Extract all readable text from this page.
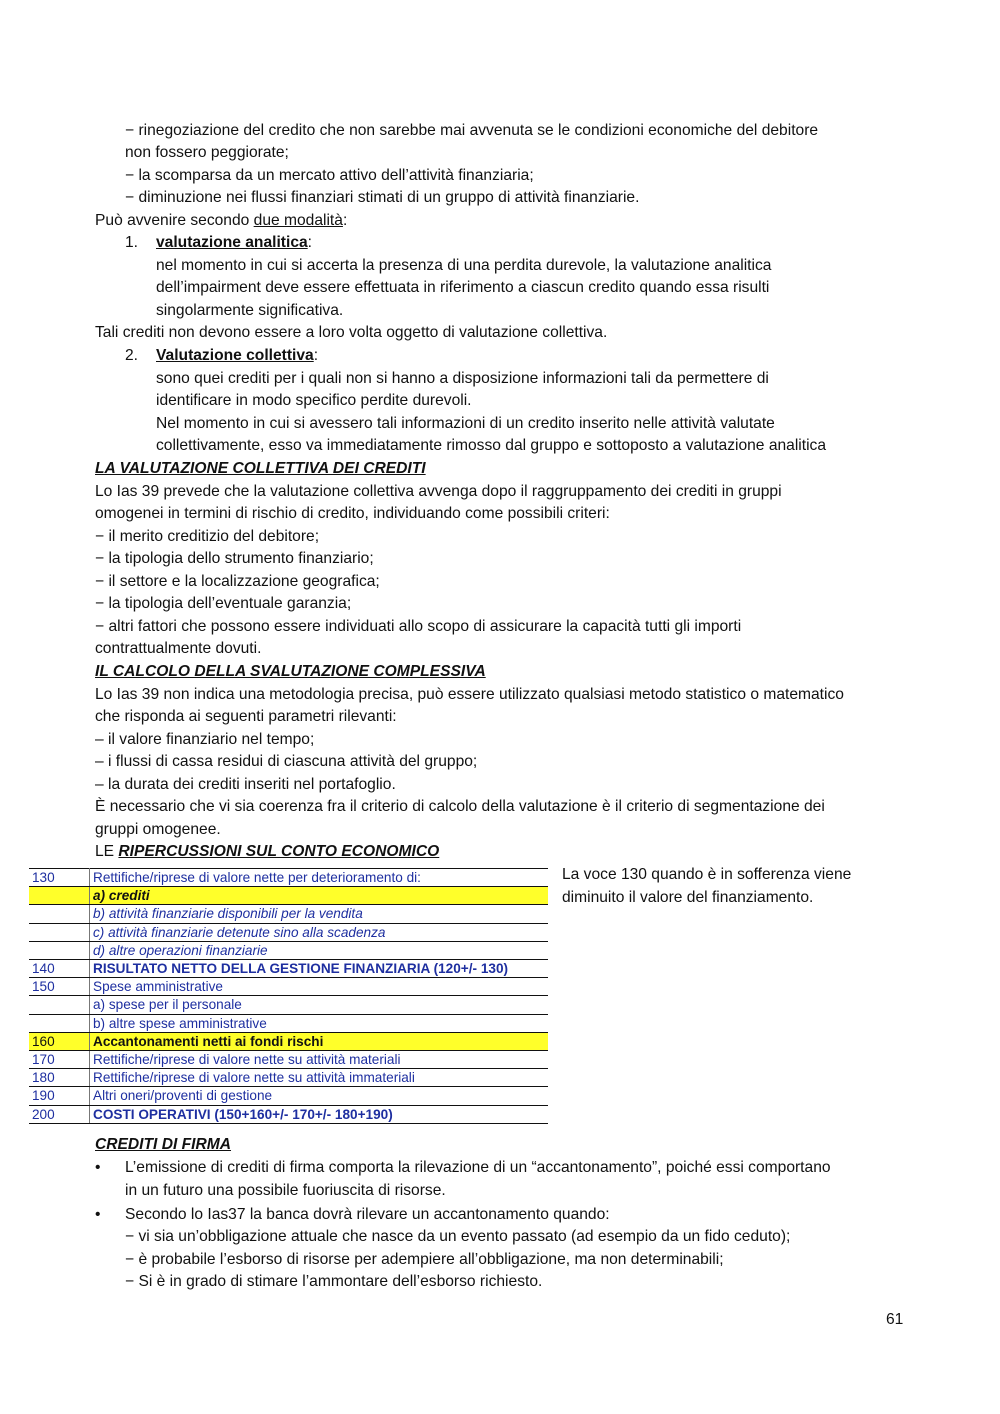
− rinegoziazione del credito che non sarebbe mai avvenuta se le condizioni economiche del debitore
non fossero peggiorate;
− la scomparsa da un mercato attivo dell’attività finanziaria;
− diminuzione nei flussi finanziari stimati di un gruppo di attività finanziarie.
Può avvenire secondo due modalità:
1. valutazione analitica:
nel momento in cui si accerta la presenza di una perdita durevole, la valutazione analitica
dell’impairment deve essere effettuata in riferimento a ciascun credito quando essa risulti
singolarmente significativa.
Tali crediti non devono essere a loro volta oggetto di valutazione collettiva.
2. Valutazione collettiva:
sono quei crediti per i quali non si hanno a disposizione informazioni tali da permettere di
identificare in modo specifico perdite durevoli.
Nel momento in cui si avessero tali informazioni di un credito inserito nelle attività valutate
collettivamente, esso va immediatamente rimosso dal gruppo e sottoposto a valutazione analitica
LA VALUTAZIONE COLLETTIVA DEI CREDITI
Lo Ias 39 prevede che la valutazione collettiva avvenga dopo il raggruppamento dei crediti in gruppi
omogenei in termini di rischio di credito, individuando come possibili criteri:
− il merito creditizio del debitore;
− la tipologia dello strumento finanziario;
− il settore e la localizzazione geografica;
− la tipologia dell’eventuale garanzia;
− altri fattori che possono essere individuati allo scopo di assicurare la capacità tutti gli importi
contrattualmente dovuti.
IL CALCOLO DELLA SVALUTAZIONE COMPLESSIVA
Lo Ias 39 non indica una metodologia precisa, può essere utilizzato qualsiasi metodo statistico o matematico
che risponda ai seguenti parametri rilevanti:
– il valore finanziario nel tempo;
– i flussi di cassa residui di ciascuna attività del gruppo;
– la durata dei crediti inseriti nel portafoglio.
È necessario che vi sia coerenza fra il criterio di calcolo della valutazione è il criterio di segmentazione dei
gruppi omogenee.
LE RIPERCUSSIONI SUL CONTO ECONOMICO
130	Rettifiche/riprese di valore nette per deterioramento di:
	a) crediti
	b) attività finanziarie disponibili per la vendita
	c) attività finanziarie detenute sino alla scadenza
	d) altre operazioni finanziarie
140	RISULTATO NETTO DELLA GESTIONE FINANZIARIA (120+/- 130)
150	Spese amministrative
	a) spese per il personale
	b) altre spese amministrative
160	Accantonamenti netti ai fondi rischi
170	Rettifiche/riprese di valore nette su attività materiali
180	Rettifiche/riprese di valore nette su attività immateriali
190	Altri oneri/proventi di gestione
200	COSTI OPERATIVI (150+160+/- 170+/- 180+190)
La voce 130 quando è in sofferenza viene
diminuito il valore del finanziamento.
CREDITI DI FIRMA
• L’emissione di crediti di firma comporta la rilevazione di un “accantonamento”, poiché essi comportano
in un futuro una possibile fuoriuscita di risorse.
• Secondo lo Ias37 la banca dovrà rilevare un accantonamento quando:
− vi sia un’obbligazione attuale che nasce da un evento passato (ad esempio da un fido ceduto);
− è probabile l’esborso di risorse per adempiere all’obbligazione, ma non determinabili;
− Si è in grado di stimare l’ammontare dell’esborso richiesto.
61
